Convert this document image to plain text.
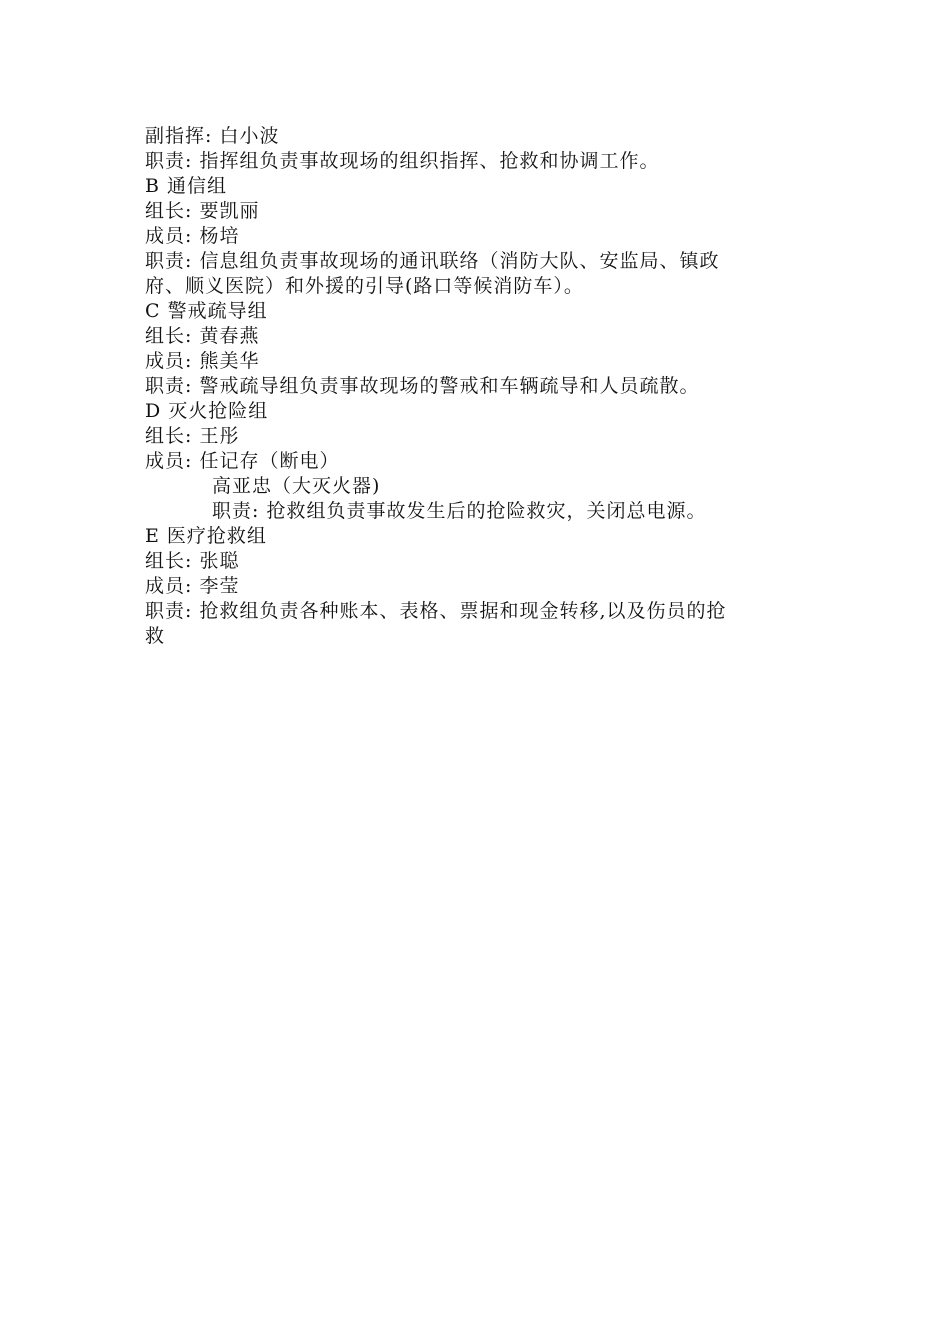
副指挥: 白小波
职责: 指挥组负责事故现场的组织指挥、抢救和协调工作。
B 通信组
组长: 要凯丽
成员: 杨培
职责: 信息组负责事故现场的通讯联络（消防大队、安监局、镇政
府、顺义医院）和外援的引导(路口等候消防车）。
C 警戒疏导组
组长: 黄春燕
成员: 熊美华
职责: 警戒疏导组负责事故现场的警戒和车辆疏导和人员疏散。
D 灭火抢险组
组长: 王彤
成员: 任记存（断电）
高亚忠（大灭火器)
职责: 抢救组负责事故发生后的抢险救灾，关闭总电源。
E 医疗抢救组
组长: 张聪
成员: 李莹
职责: 抢救组负责各种账本、表格、票据和现金转移,以及伤员的抢
救
